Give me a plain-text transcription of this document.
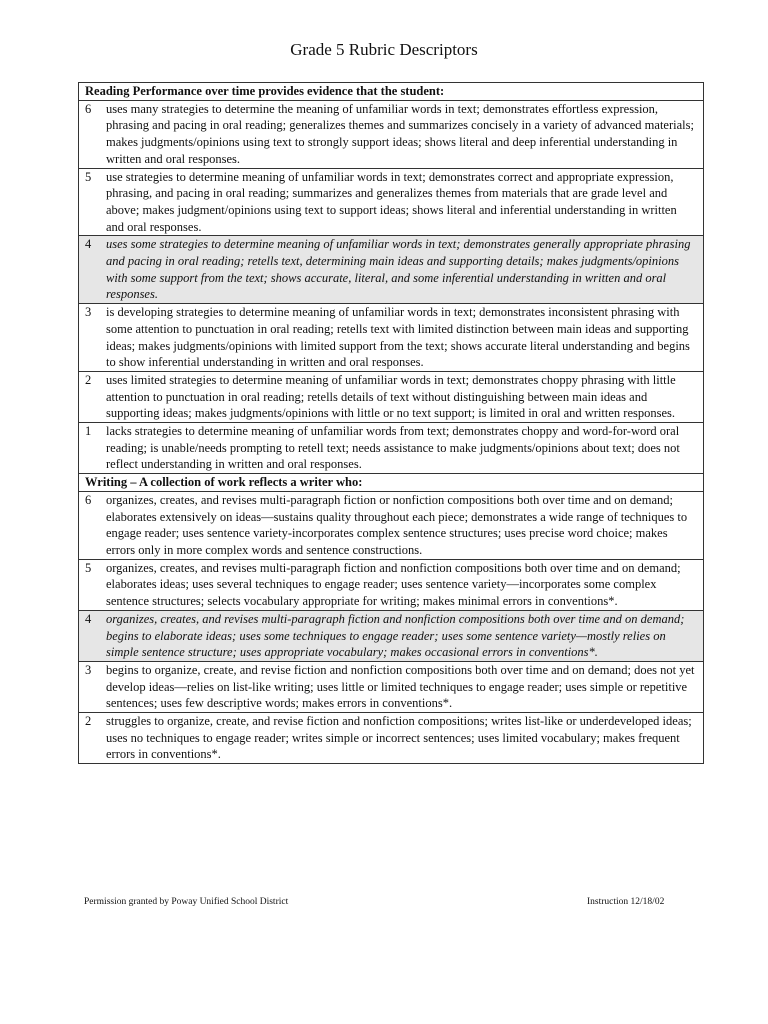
Grade 5 Rubric Descriptors
Reading Performance over time provides evidence that the student:

6 uses many strategies to determine the meaning of unfamiliar words in text; demonstrates effortless expression, phrasing and pacing in oral reading; generalizes themes and summarizes concisely in a variety of advanced materials; makes judgments/opinions using text to strongly support ideas; shows literal and deep inferential understanding in written and oral responses.

5 use strategies to determine meaning of unfamiliar words in text; demonstrates correct and appropriate expression, phrasing, and pacing in oral reading; summarizes and generalizes themes from materials that are grade level and above; makes judgment/opinions using text to support ideas; shows literal and inferential understanding in written and oral responses.

4 uses some strategies to determine meaning of unfamiliar words in text; demonstrates generally appropriate phrasing and pacing in oral reading; retells text, determining main ideas and supporting details; makes judgments/opinions with some support from the text; shows accurate, literal, and some inferential understanding in written and oral responses.

3 is developing strategies to determine meaning of unfamiliar words in text; demonstrates inconsistent phrasing with some attention to punctuation in oral reading; retells text with limited distinction between main ideas and supporting ideas; makes judgments/opinions with limited support from the text; shows accurate literal understanding and begins to show inferential understanding in written and oral responses.

2 uses limited strategies to determine meaning of unfamiliar words in text; demonstrates choppy phrasing with little attention to punctuation in oral reading; retells details of text without distinguishing between main ideas and supporting ideas; makes judgments/opinions with little or no text support; is limited in oral and written responses.

1 lacks strategies to determine meaning of unfamiliar words from text; demonstrates choppy and word-for-word oral reading; is unable/needs prompting to retell text; needs assistance to make judgments/opinions about text; does not reflect understanding in written and oral responses.
Writing – A collection of work reflects a writer who:

6 organizes, creates, and revises multi-paragraph fiction or nonfiction compositions both over time and on demand; elaborates extensively on ideas—sustains quality throughout each piece; demonstrates a wide range of techniques to engage reader; uses sentence variety-incorporates complex sentence structures; uses precise word choice; makes errors only in more complex words and sentence constructions.

5 organizes, creates, and revises multi-paragraph fiction and nonfiction compositions both over time and on demand; elaborates ideas; uses several techniques to engage reader; uses sentence variety—incorporates some complex sentence structures; selects vocabulary appropriate for writing; makes minimal errors in conventions*.

4 organizes, creates, and revises multi-paragraph fiction and nonfiction compositions both over time and on demand; begins to elaborate ideas; uses some techniques to engage reader; uses some sentence variety—mostly relies on simple sentence structure; uses appropriate vocabulary; makes occasional errors in conventions*.

3 begins to organize, create, and revise fiction and nonfiction compositions both over time and on demand; does not yet develop ideas—relies on list-like writing; uses little or limited techniques to engage reader; uses simple or repetitive sentences; uses few descriptive words; makes errors in conventions*.

2 struggles to organize, create, and revise fiction and nonfiction compositions; writes list-like or underdeveloped ideas; uses no techniques to engage reader; writes simple or incorrect sentences; uses limited vocabulary; makes frequent errors in conventions*.
Permission granted by Poway Unified School District	Instruction 12/18/02
